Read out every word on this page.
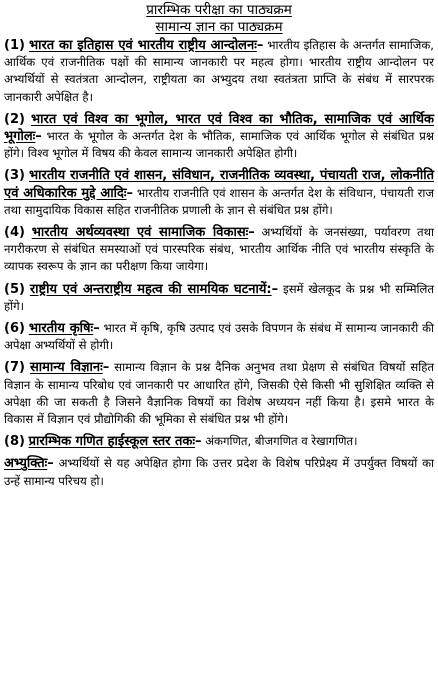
प्रारम्भिक परीक्षा का पाठ्यक्रम

सामान्य ज्ञान का पाठ्यक्रम

(1) भारत का इतिहास एवं भारतीय राष्ट्रीय आन्दोलनः– भारतीय इतिहास के अन्तर्गत सामाजिक, आर्थिक एवं राजनीतिक पक्षों की सामान्य जानकारी पर महत्व होगा। भारतीय राष्ट्रीय आन्दोलन पर अभ्यर्थियों से स्वतंत्रता आन्दोलन, राष्ट्रीयता का अभ्युदय तथा स्वतंत्रता प्राप्ति के संबंध में सारपरक जानकारी अपेक्षित है।

(2) भारत एवं विश्व का भूगोल, भारत एवं विश्व का भौतिक, सामाजिक एवं आर्थिक भूगोलः– भारत के भूगोल के अन्तर्गत देश के भौतिक, सामाजिक एवं आर्थिक भूगोल से संबंधित प्रश्न होंगे। विश्व भूगोल में विषय की केवल सामान्य जानकारी अपेक्षित होगी।

(3) भारतीय राजनीति एवं शासन, संविधान, राजनीतिक व्यवस्था, पंचायती राज, लोकनीति एवं अधिकारिक मुद्दे आदिः– भारतीय राजनीति एवं शासन के अन्तर्गत देश के संविधान, पंचायती राज तथा सामुदायिक विकास सहित राजनीतिक प्रणाली के ज्ञान से संबंधित प्रश्न होंगे।

(4) भारतीय अर्थव्यवस्था एवं सामाजिक विकासः– अभ्यर्थियों के जनसंख्या, पर्यावरण तथा नगरीकरण से संबंधित समस्याओं एवं पारस्परिक संबंध, भारतीय आर्थिक नीति एवं भारतीय संस्कृति के व्यापक स्वरूप के ज्ञान का परीक्षण किया जायेगा।

(5) राष्ट्रीय एवं अन्तराष्ट्रीय महत्व की सामयिक घटनायें:– इसमें खेलकूद के प्रश्न भी सम्मिलित होंगे।

(6) भारतीय कृषिः– भारत में कृषि, कृषि उत्पाद एवं उसके विपणन के संबंध में सामान्य जानकारी की अपेक्षा अभ्यर्थियों से होगी।

(7) सामान्य विज्ञानः– सामान्य विज्ञान के प्रश्न दैनिक अनुभव तथा प्रेक्षण से संबंधित विषयों सहित विज्ञान के सामान्य परिबोध एवं जानकारी पर आधारित होंगे, जिसकी ऐसे किसी भी सुशिक्षित व्यक्ति से अपेक्षा की जा सकती है जिसने वैज्ञानिक विषयों का विशेष अध्ययन नहीं किया है। इसमे भारत के विकास में विज्ञान एवं प्रौद्योगिकी की भूमिका से संबंधित प्रश्न भी होंगे।

(8) प्रारम्भिक गणित हाईस्कूल स्तर तकः– अंकगणित, बीजगणित व रेखागणित।

अभ्युक्तिः– अभ्यर्थियों से यह अपेक्षित होगा कि उत्तर प्रदेश के विशेष परिप्रेक्ष्य में उपर्युक्त विषयों का उन्हें सामान्य परिचय हो।
